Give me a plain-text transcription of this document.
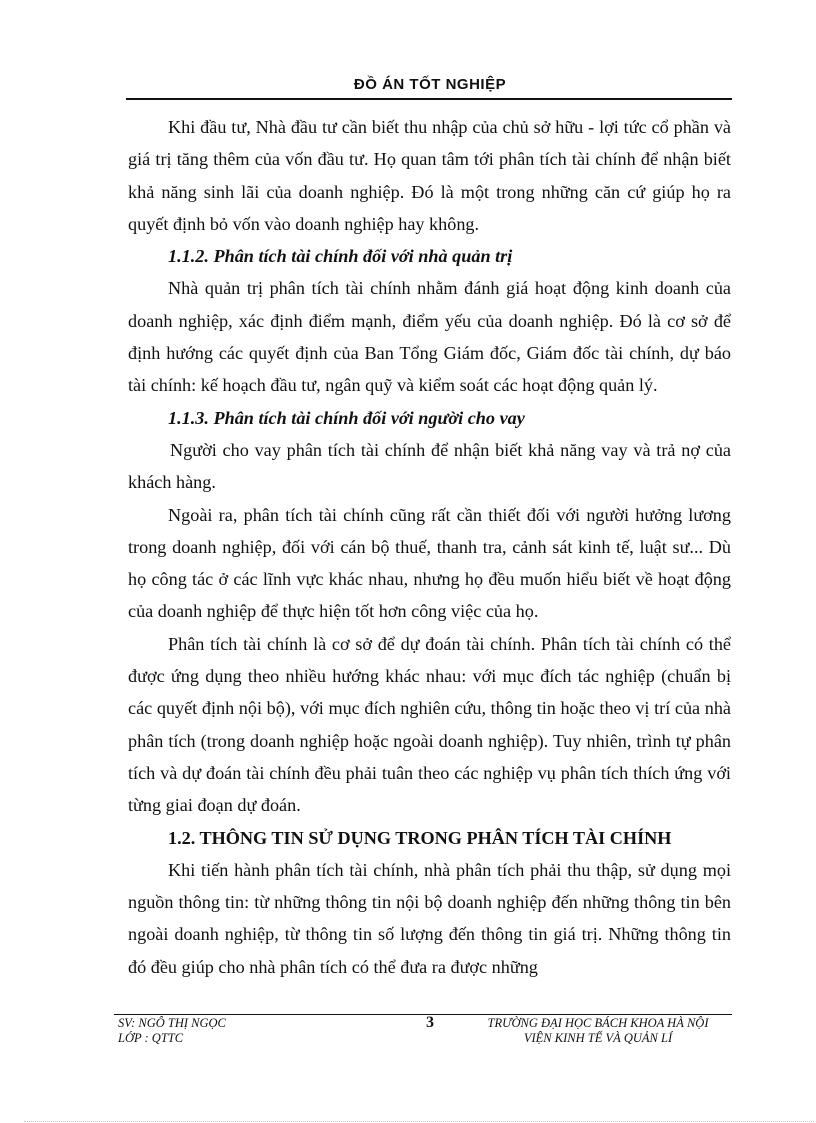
ĐỒ ÁN TỐT NGHIỆP

Khi đầu tư, Nhà đầu tư cần biết thu nhập của chủ sở hữu - lợi tức cổ phần và giá trị tăng thêm của vốn đầu tư. Họ quan tâm tới phân tích tài chính để nhận biết khả năng sinh lãi của doanh nghiệp. Đó là một trong những căn cứ giúp họ ra quyết định bỏ vốn vào doanh nghiệp hay không.

1.1.2. Phân tích tài chính đối với nhà quản trị

Nhà quản trị phân tích tài chính nhằm đánh giá hoạt động kinh doanh của doanh nghiệp, xác định điểm mạnh, điểm yếu của doanh nghiệp. Đó là cơ sở để định hướng các quyết định của Ban Tổng Giám đốc, Giám đốc tài chính, dự báo tài chính: kế hoạch đầu tư, ngân quỹ và kiểm soát các hoạt động quản lý.

1.1.3. Phân tích tài chính đối với người cho vay

Người cho vay phân tích tài chính để nhận biết khả năng vay và trả nợ của khách hàng.

Ngoài ra, phân tích tài chính cũng rất cần thiết đối với người hưởng lương trong doanh nghiệp, đối với cán bộ thuế, thanh tra, cảnh sát kinh tế, luật sư... Dù họ công tác ở các lĩnh vực khác nhau, nhưng họ đều muốn hiểu biết về hoạt động của doanh nghiệp để thực hiện tốt hơn công việc của họ.

Phân tích tài chính là cơ sở để dự đoán tài chính. Phân tích tài chính có thể được ứng dụng theo nhiều hướng khác nhau: với mục đích tác nghiệp (chuẩn bị các quyết định nội bộ), với mục đích nghiên cứu, thông tin hoặc theo vị trí của nhà phân tích (trong doanh nghiệp hoặc ngoài doanh nghiệp). Tuy nhiên, trình tự phân tích và dự đoán tài chính đều phải tuân theo các nghiệp vụ phân tích thích ứng với từng giai đoạn dự đoán.

1.2. THÔNG TIN SỬ DỤNG TRONG PHÂN TÍCH TÀI CHÍNH

Khi tiến hành phân tích tài chính, nhà phân tích phải thu thập, sử dụng mọi nguồn thông tin: từ những thông tin nội bộ doanh nghiệp đến những thông tin bên ngoài doanh nghiệp, từ thông tin số lượng đến thông tin giá trị. Những thông tin đó đều giúp cho nhà phân tích có thể đưa ra được những

SV: NGÔ THỊ NGỌC
LỚP : QTTC
3	TRƯỜNG ĐẠI HỌC BÁCH KHOA HÀ NỘI
VIỆN KINH TẾ VÀ QUẢN LÍ
